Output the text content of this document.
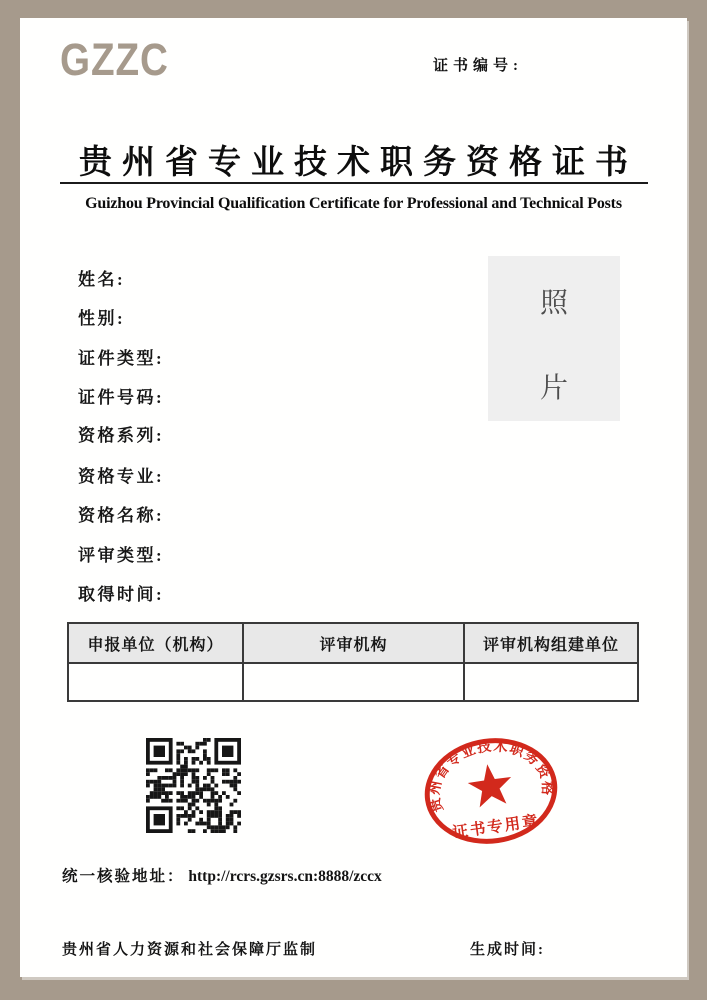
GZZC	证书编号:
贵州省专业技术职务资格证书
Guizhou Provincial Qualification Certificate for Professional and Technical Posts
姓名:
性别:
证件类型:
证件号码:
资格系列:
资格专业:
资格名称:
评审类型:
取得时间:
照
片
申报单位（机构）	评审机构	评审机构组建单位

贵州省专业技术职务资格
证书专用章
统一核验地址： http://rcrs.gzsrs.cn:8888/zccx
贵州省人力资源和社会保障厅监制	生成时间:
